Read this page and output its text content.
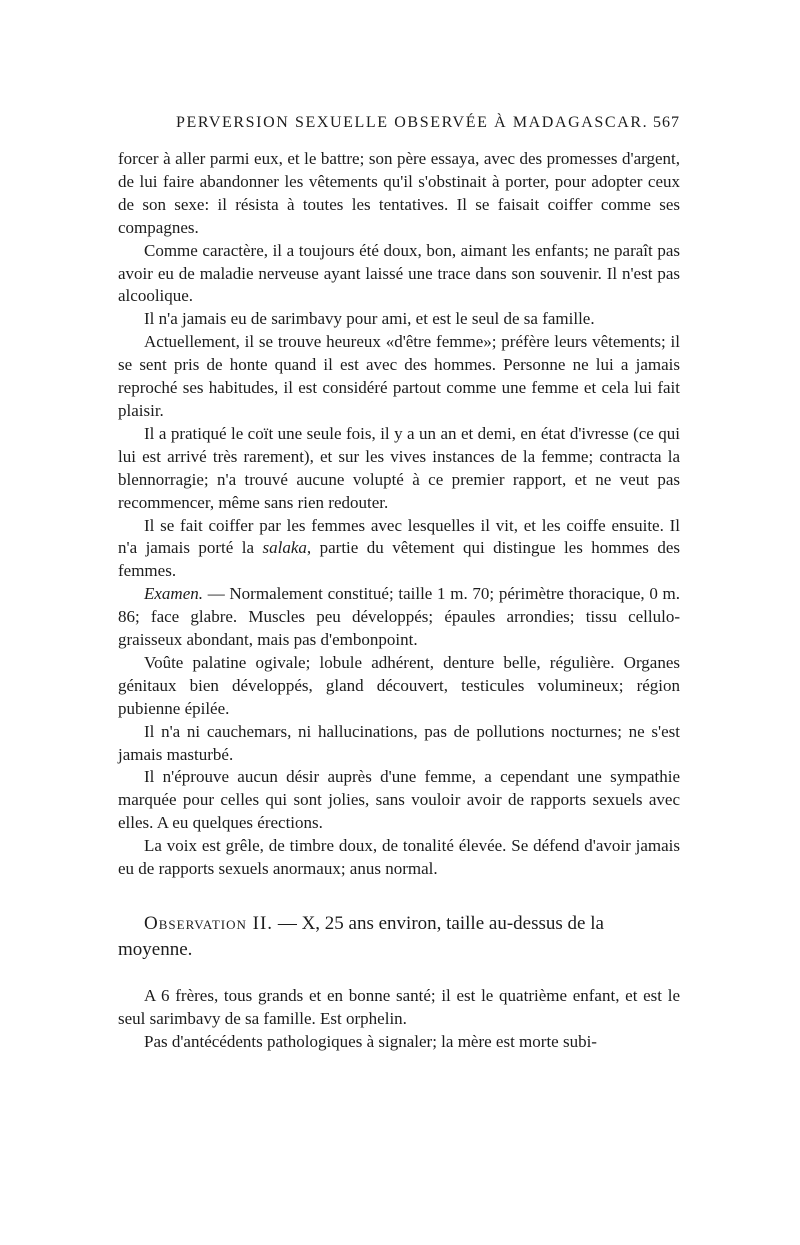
PERVERSION SEXUELLE OBSERVÉE À MADAGASCAR. 567

forcer à aller parmi eux, et le battre; son père essaya, avec des promesses d'argent, de lui faire abandonner les vêtements qu'il s'obstinait à porter, pour adopter ceux de son sexe: il résista à toutes les tentatives. Il se faisait coiffer comme ses compagnes.

Comme caractère, il a toujours été doux, bon, aimant les enfants; ne paraît pas avoir eu de maladie nerveuse ayant laissé une trace dans son souvenir. Il n'est pas alcoolique.

Il n'a jamais eu de sarimbavy pour ami, et est le seul de sa famille.

Actuellement, il se trouve heureux «d'être femme»; préfère leurs vêtements; il se sent pris de honte quand il est avec des hommes. Personne ne lui a jamais reproché ses habitudes, il est considéré partout comme une femme et cela lui fait plaisir.

Il a pratiqué le coït une seule fois, il y a un an et demi, en état d'ivresse (ce qui lui est arrivé très rarement), et sur les vives instances de la femme; contracta la blennorragie; n'a trouvé aucune volupté à ce premier rapport, et ne veut pas recommencer, même sans rien redouter.

Il se fait coiffer par les femmes avec lesquelles il vit, et les coiffe ensuite. Il n'a jamais porté la salaka, partie du vêtement qui distingue les hommes des femmes.

Examen. — Normalement constitué; taille 1 m. 70; périmètre thoracique, 0 m. 86; face glabre. Muscles peu développés; épaules arrondies; tissu cellulo-graisseux abondant, mais pas d'embonpoint.

Voûte palatine ogivale; lobule adhérent, denture belle, régulière. Organes génitaux bien développés, gland découvert, testicules volumineux; région pubienne épilée.

Il n'a ni cauchemars, ni hallucinations, pas de pollutions nocturnes; ne s'est jamais masturbé.

Il n'éprouve aucun désir auprès d'une femme, a cependant une sympathie marquée pour celles qui sont jolies, sans vouloir avoir de rapports sexuels avec elles. A eu quelques érections.

La voix est grêle, de timbre doux, de tonalité élevée. Se défend d'avoir jamais eu de rapports sexuels anormaux; anus normal.

Observation II. — X, 25 ans environ, taille au-dessus de la moyenne.

A 6 frères, tous grands et en bonne santé; il est le quatrième enfant, et est le seul sarimbavy de sa famille. Est orphelin.

Pas d'antécédents pathologiques à signaler; la mère est morte subi-
